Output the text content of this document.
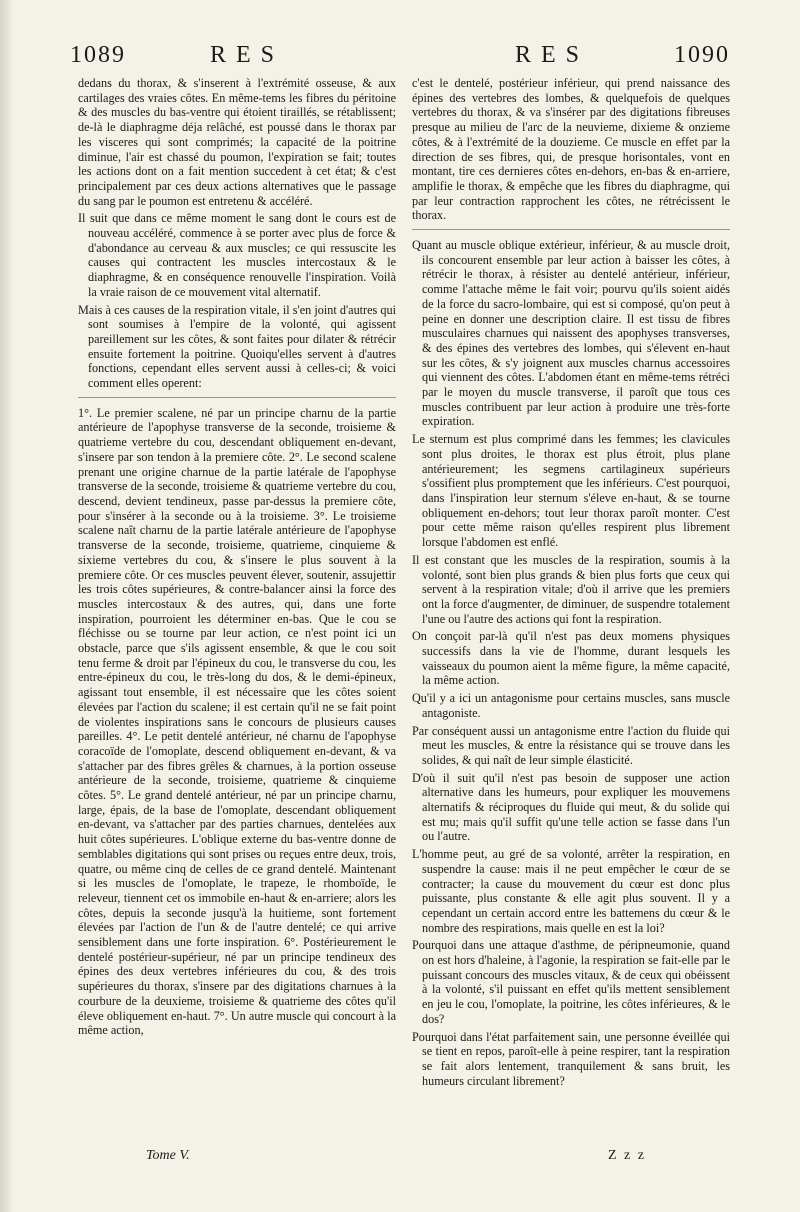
1089	R E S	R E S	1090

dedans du thorax, & s'inserent à l'extrémité osseuse, & aux cartilages des vraies côtes. En même-tems les fibres du péritoine & des muscles du bas-ventre qui étoient tiraillés, se rétablissent; de-là le diaphragme déja relâché, est poussé dans le thorax par les visceres qui sont comprimés; la capacité de la poitrine diminue, l'air est chassé du poumon, l'expiration se fait; toutes les actions dont on a fait mention succedent à cet état; & c'est principalement par ces deux actions alternatives que le passage du sang par le poumon est entretenu & accéléré.

Il suit que dans ce même moment le sang dont le cours est de nouveau accéléré, commence à se porter avec plus de force & d'abondance au cerveau & aux muscles; ce qui ressuscite les causes qui contractent les muscles intercostaux & le diaphragme, & en conséquence renouvelle l'inspiration. Voilà la vraie raison de ce mouvement vital alternatif.

Mais à ces causes de la respiration vitale, il s'en joint d'autres qui sont soumises à l'empire de la volonté, qui agissent pareillement sur les côtes, & sont faites pour dilater & rétrécir ensuite fortement la poitrine. Quoiqu'elles servent à d'autres fonctions, cependant elles servent aussi à celles-ci; & voici comment elles operent:

1°. Le premier scalene, né par un principe charnu de la partie antérieure de l'apophyse transverse de la seconde, troisieme & quatrieme vertebre du cou, descendant obliquement en-devant, s'insere par son tendon à la premiere côte. 2°. Le second scalene prenant une origine charnue de la partie latérale de l'apophyse transverse de la seconde, troisieme & quatrieme vertebre du cou, descend, devient tendineux, passe par-dessus la premiere côte, pour s'insérer à la seconde ou à la troisieme. 3°. Le troisieme scalene naît charnu de la partie latérale antérieure de l'apophyse transverse de la seconde, troisieme, quatrieme, cinquieme & sixieme vertebres du cou, & s'insere le plus souvent à la premiere côte. Or ces muscles peuvent élever, soutenir, assujettir les trois côtes supérieures, & contre-balancer ainsi la force des muscles intercostaux & des autres, qui, dans une forte inspiration, pourroient les déterminer en-bas. Que le cou se fléchisse ou se tourne par leur action, ce n'est point ici un obstacle, parce que s'ils agissent ensemble, & que le cou soit tenu ferme & droit par l'épineux du cou, le transverse du cou, les entre-épineux du cou, le très-long du dos, & le demi-épineux, agissant tout ensemble, il est nécessaire que les côtes soient élevées par l'action du scalene; il est certain qu'il ne se fait point de violentes inspirations sans le concours de plusieurs causes pareilles. 4°. Le petit dentelé antérieur, né charnu de l'apophyse coracoïde de l'omoplate, descend obliquement en-devant, & va s'attacher par des fibres grêles & charnues, à la portion osseuse antérieure de la seconde, troisieme, quatrieme & cinquieme côtes. 5°. Le grand dentelé antérieur, né par un principe charnu, large, épais, de la base de l'omoplate, descendant obliquement en-devant, va s'attacher par des parties charnues, dentelées aux huit côtes supérieures. L'oblique externe du bas-ventre donne de semblables digitations qui sont prises ou reçues entre deux, trois, quatre, ou même cinq de celles de ce grand dentelé. Maintenant si les muscles de l'omoplate, le trapeze, le rhomboïde, le releveur, tiennent cet os immobile en-haut & en-arriere; alors les côtes, depuis la seconde jusqu'à la huitieme, sont fortement élevées par l'action de l'un & de l'autre dentelé; ce qui arrive sensiblement dans une forte inspiration. 6°. Postérieurement le dentelé postérieur-supérieur, né par un principe tendineux des épines des deux vertebres inférieures du cou, & des trois supérieures du thorax, s'insere par des digitations charnues à la courbure de la deuxieme, troisieme & quatrieme des côtes qu'il éleve obliquement en-haut. 7°. Un autre muscle qui concourt à la même action,

c'est le dentelé, postérieur inférieur, qui prend naissance des épines des vertebres des lombes, & quelquefois de quelques vertebres du thorax, & va s'insérer par des digitations fibreuses presque au milieu de l'arc de la neuvieme, dixieme & onzieme côtes, & à l'extrémité de la douzieme. Ce muscle en effet par la direction de ses fibres, qui, de presque horisontales, vont en montant, tire ces dernieres côtes en-dehors, en-bas & en-arriere, amplifie le thorax, & empêche que les fibres du diaphragme, qui par leur contraction rapprochent les côtes, ne rétrécissent le thorax.

Quant au muscle oblique extérieur, inférieur, & au muscle droit, ils concourent ensemble par leur action à baisser les côtes, à rétrécir le thorax, à résister au dentelé antérieur, inférieur, comme l'attache même le fait voir; pourvu qu'ils soient aidés de la force du sacro-lombaire, qui est si composé, qu'on peut à peine en donner une description claire. Il est tissu de fibres musculaires charnues qui naissent des apophyses transverses, & des épines des vertebres des lombes, qui s'élevent en-haut sur les côtes, & s'y joignent aux muscles charnus accessoires qui viennent des côtes. L'abdomen étant en même-tems rétréci par le moyen du muscle transverse, il paroît que tous ces muscles contribuent par leur action à produire une très-forte expiration.

Le sternum est plus comprimé dans les femmes; les clavicules sont plus droites, le thorax est plus étroit, plus plane antérieurement; les segmens cartilagineux supérieurs s'ossifient plus promptement que les inférieurs. C'est pourquoi, dans l'inspiration leur sternum s'éleve en-haut, & se tourne obliquement en-dehors; tout leur thorax paroît monter. C'est pour cette même raison qu'elles respirent plus librement lorsque l'abdomen est enflé.

Il est constant que les muscles de la respiration, soumis à la volonté, sont bien plus grands & bien plus forts que ceux qui servent à la respiration vitale; d'où il arrive que les premiers ont la force d'augmenter, de diminuer, de suspendre totalement l'une ou l'autre des actions qui font la respiration.

On conçoit par-là qu'il n'est pas deux momens physiques successifs dans la vie de l'homme, durant lesquels les vaisseaux du poumon aient la même figure, la même capacité, la même action.

Qu'il y a ici un antagonisme pour certains muscles, sans muscle antagoniste.

Par conséquent aussi un antagonisme entre l'action du fluide qui meut les muscles, & entre la résistance qui se trouve dans les solides, & qui naît de leur simple élasticité.

D'où il suit qu'il n'est pas besoin de supposer une action alternative dans les humeurs, pour expliquer les mouvemens alternatifs & réciproques du fluide qui meut, & du solide qui est mu; mais qu'il suffit qu'une telle action se fasse dans l'un ou l'autre.

L'homme peut, au gré de sa volonté, arrêter la respiration, en suspendre la cause: mais il ne peut empêcher le cœur de se contracter; la cause du mouvement du cœur est donc plus puissante, plus constante & elle agit plus souvent. Il y a cependant un certain accord entre les battemens du cœur & le nombre des respirations, mais quelle en est la loi?

Pourquoi dans une attaque d'asthme, de péripneumonie, quand on est hors d'haleine, à l'agonie, la respiration se fait-elle par le puissant concours des muscles vitaux, & de ceux qui obéissent à la volonté, s'il puissant en effet qu'ils mettent sensiblement en jeu le cou, l'omoplate, la poitrine, les côtes inférieures, & le dos?

Pourquoi dans l'état parfaitement sain, une personne éveillée qui se tient en repos, paroît-elle à peine respirer, tant la respiration se fait alors lentement, tranquilement & sans bruit, les humeurs circulant librement?

Tome V.	Z z z
